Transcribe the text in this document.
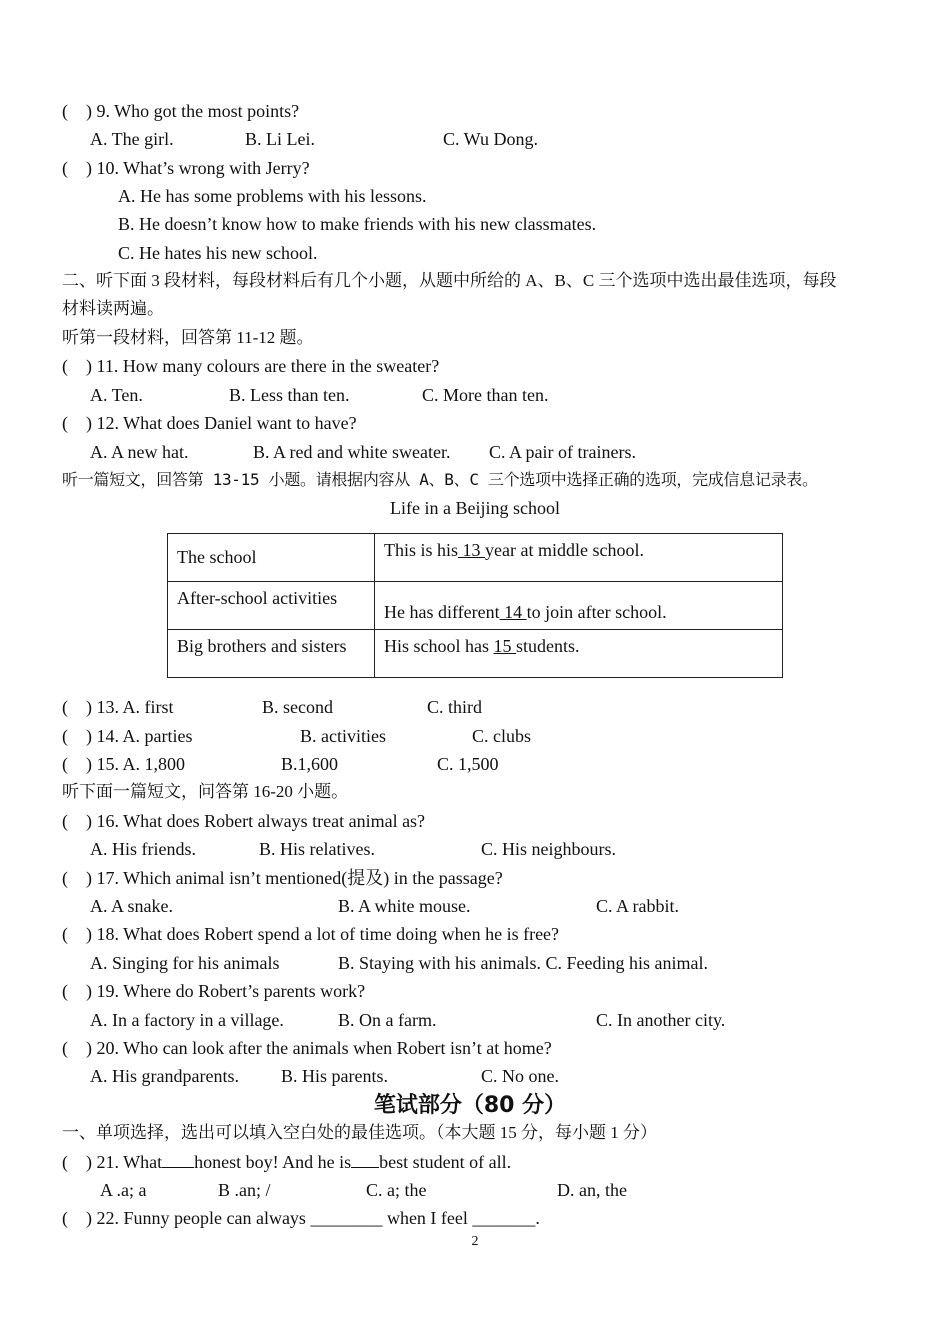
(    ) 9. Who got the most points?
A. The girl.	B. Li Lei.	C. Wu Dong.
(    ) 10. What’s wrong with Jerry?
A. He has some problems with his lessons.
B. He doesn’t know how to make friends with his new classmates.
C. He hates his new school.
二、听下面 3 段材料，每段材料后有几个小题，从题中所给的 A、B、C 三个选项中选出最佳选项，每段
材料读两遍。
听第一段材料，回答第 11-12 题。
(    ) 11. How many colours are there in the sweater?
A. Ten.	B. Less than ten.	C. More than ten.
(    ) 12. What does Daniel want to have?
A. A new hat.	B. A red and white sweater. C. A pair of trainers.
听一篇短文，回答第 13-15 小题。请根据内容从 A、B、C 三个选项中选择正确的选项，完成信息记录表。
Life in a Beijing school
The school	This is his 13 year at middle school.
After-school activities	He has different 14 to join after school.
Big brothers and sisters	His school has 15 students.
(    ) 13. A. first	B. second	C. third
(    ) 14. A. parties	B. activities	C. clubs
(    ) 15. A. 1,800	B.1,600	C. 1,500
听下面一篇短文，问答第 16-20 小题。
(    ) 16. What does Robert always treat animal as?
A. His friends.	B. His relatives.	C. His neighbours.
(    ) 17. Which animal isn’t mentioned(提及) in the passage?
A. A snake.	B. A white mouse.	C. A rabbit.
(    ) 18. What does Robert spend a lot of time doing when he is free?
A. Singing for his animals	B. Staying with his animals. C. Feeding his animal.
(    ) 19. Where do Robert’s parents work?
A. In a factory in a village.	B. On a farm.	C. In another city.
(    ) 20. Who can look after the animals when Robert isn’t at home?
A. His grandparents. B. His parents.	C. No one.
笔试部分（80 分）
一、单项选择，选出可以填入空白处的最佳选项。（本大题 15 分，每小题 1 分）
(    ) 21. What honest boy! And he is best student of all.
A .a; a	B .an; /	C. a; the	D. an, the
(    ) 22. Funny people can always ________ when I feel _______.
2
